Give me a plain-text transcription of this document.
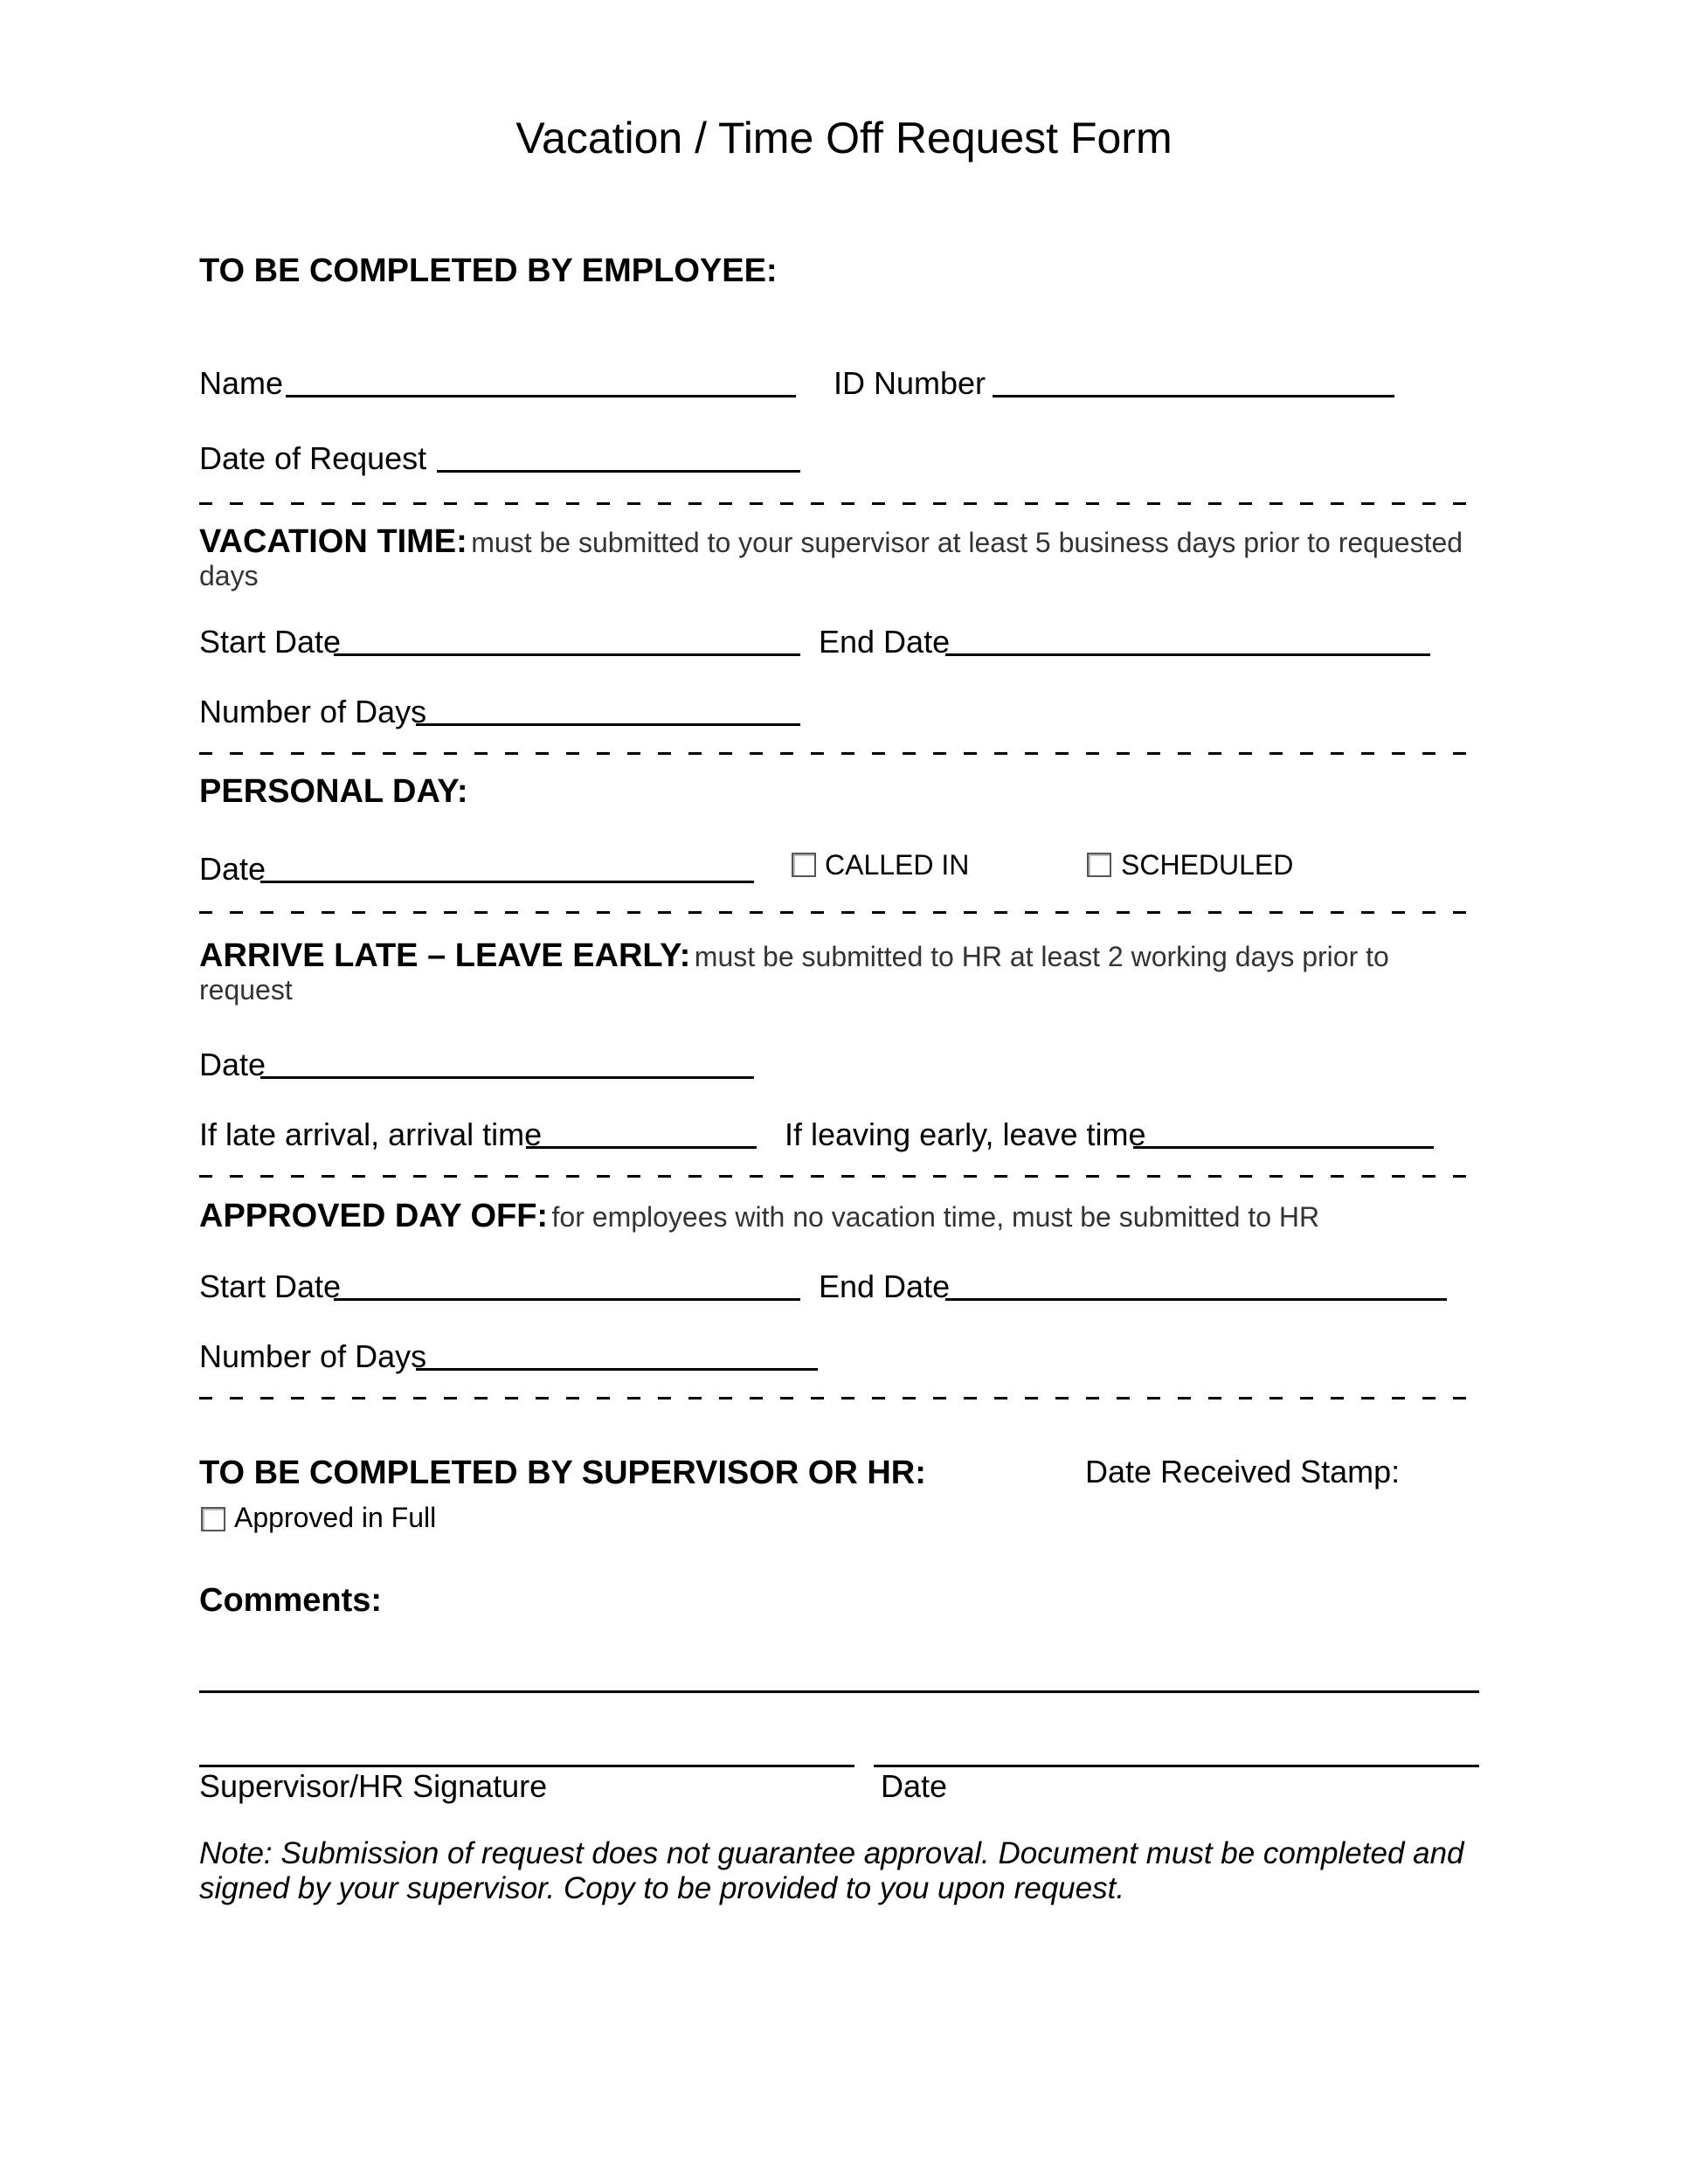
Vacation / Time Off Request Form
TO BE COMPLETED BY EMPLOYEE:
Name	ID Number
Date of Request
VACATION TIME: must be submitted to your supervisor at least 5 business days prior to requested
days
Start Date	End Date
Number of Days
PERSONAL DAY:
Date	CALLED IN	SCHEDULED
ARRIVE LATE – LEAVE EARLY: must be submitted to HR at least 2 working days prior to
request
Date
If late arrival, arrival time	If leaving early, leave time
APPROVED DAY OFF: for employees with no vacation time, must be submitted to HR
Start Date	End Date
Number of Days
TO BE COMPLETED BY SUPERVISOR OR HR:	Date Received Stamp:
Approved in Full
Comments:
Supervisor/HR Signature	Date
Note: Submission of request does not guarantee approval. Document must be completed and signed by your supervisor. Copy to be provided to you upon request.
